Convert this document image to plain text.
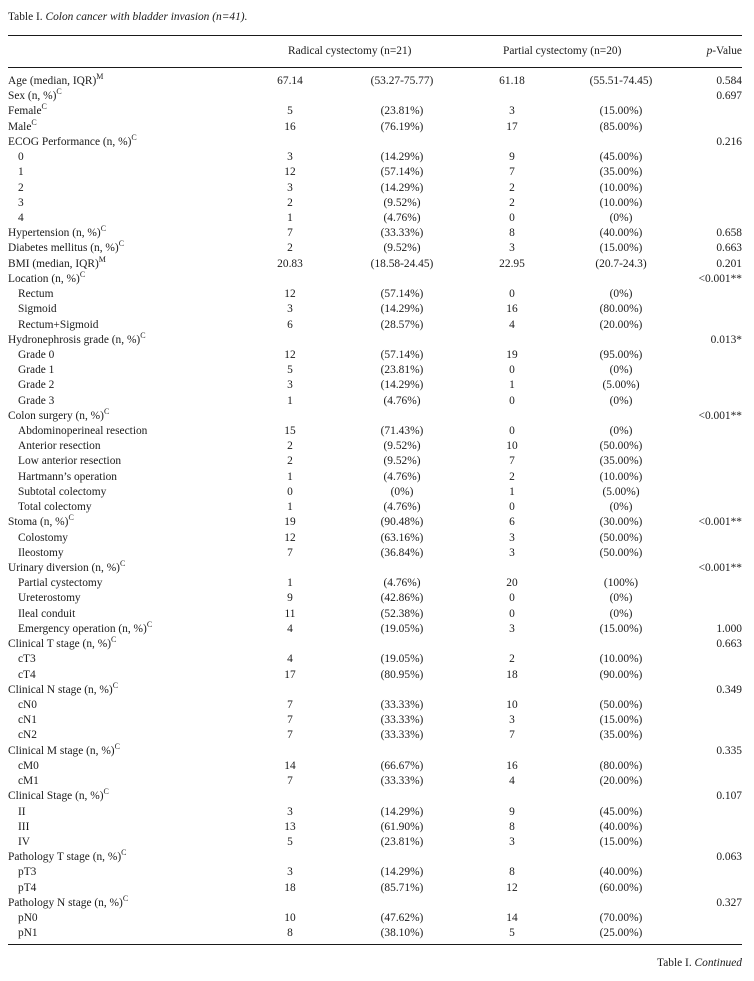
Table I. Colon cancer with bladder invasion (n=41).
Radical cystectomy (n=21)	Partial cystectomy (n=20)	p-Value
Age (median, IQR)$^M$	67.14	(53.27-75.77)	61.18	(55.51-74.45)	0.584
Sex (n, %)$^C$	0.697
Female$^C$	5	(23.81%)	3	(15.00%)
Male$^C$	16	(76.19%)	17	(85.00%)
ECOG Performance (n, %)$^C$	0.216
0	3	(14.29%)	9	(45.00%)
1	12	(57.14%)	7	(35.00%)
2	3	(14.29%)	2	(10.00%)
3	2	(9.52%)	2	(10.00%)
4	1	(4.76%)	0	(0%)
Hypertension (n, %)$^C$	7	(33.33%)	8	(40.00%)	0.658
Diabetes mellitus (n, %)$^C$	2	(9.52%)	3	(15.00%)	0.663
BMI (median, IQR)$^M$	20.83	(18.58-24.45)	22.95	(20.7-24.3)	0.201
Location (n, %)$^C$	<0.001**
Rectum	12	(57.14%)	0	(0%)
Sigmoid	3	(14.29%)	16	(80.00%)
Rectum+Sigmoid	6	(28.57%)	4	(20.00%)
Hydronephrosis grade (n, %)$^C$	0.013*
Grade 0	12	(57.14%)	19	(95.00%)
Grade 1	5	(23.81%)	0	(0%)
Grade 2	3	(14.29%)	1	(5.00%)
Grade 3	1	(4.76%)	0	(0%)
Colon surgery (n, %)$^C$	<0.001**
Abdominoperineal resection	15	(71.43%)	0	(0%)
Anterior resection	2	(9.52%)	10	(50.00%)
Low anterior resection	2	(9.52%)	7	(35.00%)
Hartmann’s operation	1	(4.76%)	2	(10.00%)
Subtotal colectomy	0	(0%)	1	(5.00%)
Total colectomy	1	(4.76%)	0	(0%)
Stoma (n, %)$^C$	19	(90.48%)	6	(30.00%)	<0.001**
Colostomy	12	(63.16%)	3	(50.00%)
Ileostomy	7	(36.84%)	3	(50.00%)
Urinary diversion (n, %)$^C$	<0.001**
Partial cystectomy	1	(4.76%)	20	(100%)
Ureterostomy	9	(42.86%)	0	(0%)
Ileal conduit	11	(52.38%)	0	(0%)
Emergency operation (n, %)$^C$	4	(19.05%)	3	(15.00%)	1.000
Clinical T stage (n, %)$^C$	0.663
cT3	4	(19.05%)	2	(10.00%)
cT4	17	(80.95%)	18	(90.00%)
Clinical N stage (n, %)$^C$	0.349
cN0	7	(33.33%)	10	(50.00%)
cN1	7	(33.33%)	3	(15.00%)
cN2	7	(33.33%)	7	(35.00%)
Clinical M stage (n, %)$^C$	0.335
cM0	14	(66.67%)	16	(80.00%)
cM1	7	(33.33%)	4	(20.00%)
Clinical Stage (n, %)$^C$	0.107
II	3	(14.29%)	9	(45.00%)
III	13	(61.90%)	8	(40.00%)
IV	5	(23.81%)	3	(15.00%)
Pathology T stage (n, %)$^C$	0.063
pT3	3	(14.29%)	8	(40.00%)
pT4	18	(85.71%)	12	(60.00%)
Pathology N stage (n, %)$^C$	0.327
pN0	10	(47.62%)	14	(70.00%)
pN1	8	(38.10%)	5	(25.00%)
Table I. Continued
